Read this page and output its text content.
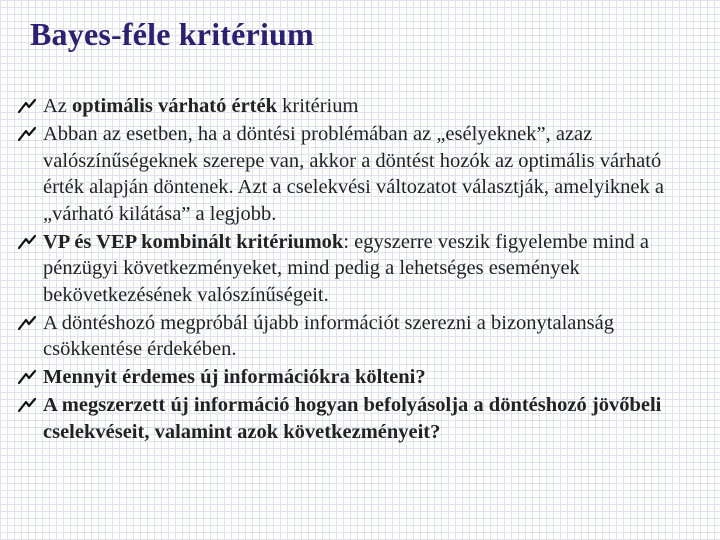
Bayes-féle kritérium
Az optimális várható érték kritérium
Abban az esetben, ha a döntési problémában az „esélyeknek”, azaz valószínűségeknek szerepe van, akkor a döntést hozók az optimális várható érték alapján döntenek. Azt a cselekvési változatot választják, amelyiknek a „várható kilátása” a legjobb.
VP és VEP kombinált kritériumok: egyszerre veszik figyelembe mind a pénzügyi következményeket, mind pedig a lehetséges események bekövetkezésének valószínűségeit.
A döntéshozó megpróbál újabb információt szerezni a bizonytalanság csökkentése érdekében.
Mennyit érdemes új információkra költeni?
A megszerzett új információ hogyan befolyásolja a döntéshozó jövőbeli cselekvéseit, valamint azok következményeit?
